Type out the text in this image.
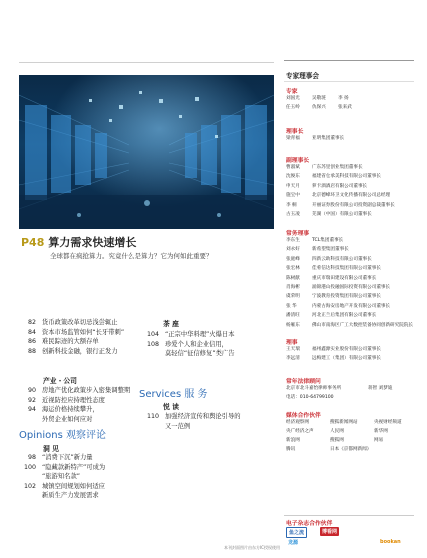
P48 算力需求快速增长
全球都在疯抢算力。究竟什么是算力？它为何如此重要？
82 货币政策改革切忌浅尝辄止
84 资本市场监管如何“长牙带刺”
86 难民踪迹的大额存单
88 创新科技金融，银行正发力
产业・公司
90 房地产优化政策步入密集调整期
92 近视防控应持理性态度
94 海运价格持续攀升，
外贸企业如何应对
Opinions 观察评论
洞 见
98 “消费下沉”新力量
100 “隐藏款新特产”可成为
“旅游知名款”
102 城镇空间规划如何适应
新质生产力发展需求
茶 座
104 “正宗中华料理”火爆日本
108 珍爱个人和企业信用，
莫轻信“征信修复”类广告
Services 服 务
悦 读
110 加强经济宣传和舆论引导的
又一范例
本刊封面图片由东方IC授权使用
专家理事会
专家
刘国光	吴敬琏	李 扬
任玉岭	仇保兴	张来武
理事长
梁青福	亚明集团董事长
副理事长
曹淑斌	广东苏里创业集团董事长
沈俊东	福建省仓承美科技有限公司董事长
申天月	萝卡酒酒店有限公司董事长
施宝中	北京德峰环卫文化传播有限公司总经理
李 桐	开丽证券股份有限公司投资副总裁董事长
古玉凌	芜湖（中国）有限公司董事长
常务理事
李东生	TCL集团董事长
刘永好	新希望集团董事长
张庭峰	四新云助科技有限公司董事长
张宏林	佳肴信达科技集团有限公司董事长
陈树献	重庆市瑞田建设有限公司董事长
肖海彬	涌锦港山投融国际投资有限公司董事长
虞荣明	宁波教育投资集团有限公司董事长
张 华	内蒙古海安房地产开发有限公司董事长
潘清旺	河北正兰后集团有限公司董事长
杨雁东	佛山市南海区广工大数控装备协同创新研究院院长
理事
王天瑞	福州鑫源实业股份有限公司董事长
李远清	远梅建工（集团）有限公司董事长
常年法律顾问
北京市北斗嘉怡律师事务所	蒋智 刘梦迪
电话：010-64799100
媒体合作伙伴
经济观察网	搜狐新闻网站	央视财经频道
央广经济之声	人民网	新华网
新浪网	搜狐网	网易
腾讯	日本《京都网新闻》
电子杂志合作伙伴
鱼之流	博看网
龙源	bookan
